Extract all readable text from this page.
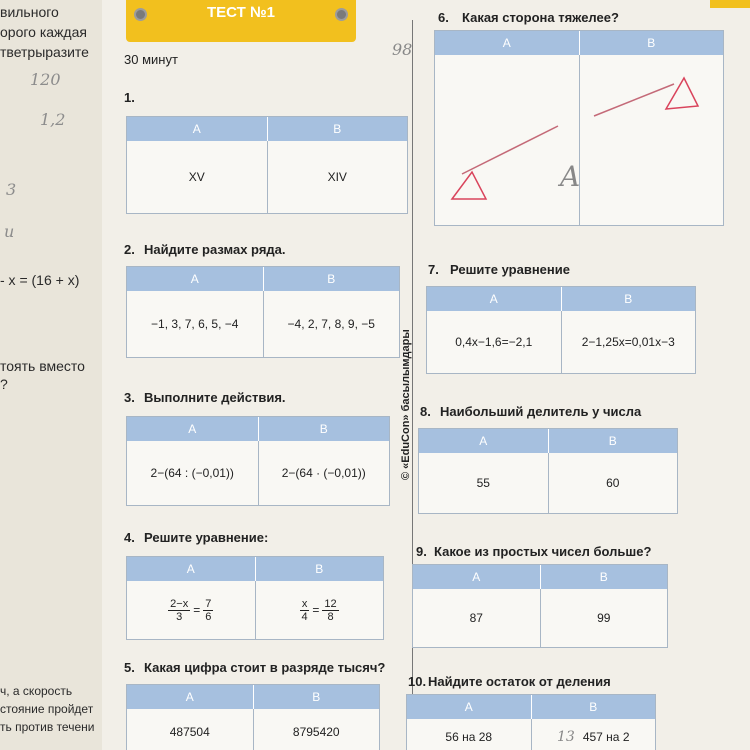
вильного
орого каждая
тветрыразите
120
1,2
3
u
- x = (16 + x)
тоять вместо
?
ч, а скорость
стояние пройдет
ть против течени
ТЕСТ №1
30 минут
98
© «EduCon» басылымдары
1.
A	B
XV	XIV
2. Найдите размах ряда.
A	B
−1, 3, 7, 6, 5, −4	−4, 2, 7, 8, 9, −5
3. Выполните действия.
A	B
2−(64 : (−0,01))	2−(64 · (−0,01))
4. Решите уравнение:
A	B
$\frac{2-x}{3} = \frac{7}{6}$	$\frac{x}{4} = \frac{12}{8}$
5. Какая цифра стоит в разряде тысяч?
A	B
487504	8795420
6. Какая сторона тяжелее?
A	B
A
7. Решите уравнение
A	B
0,4x−1,6=−2,1	2−1,25x=0,01x−3
8. Наибольший делитель у числа
A	B
55	60
9. Какое из простых чисел больше?
A	B
87	99
10. Найдите остаток от деления
A	B
56 на 28	13 457 на 2
